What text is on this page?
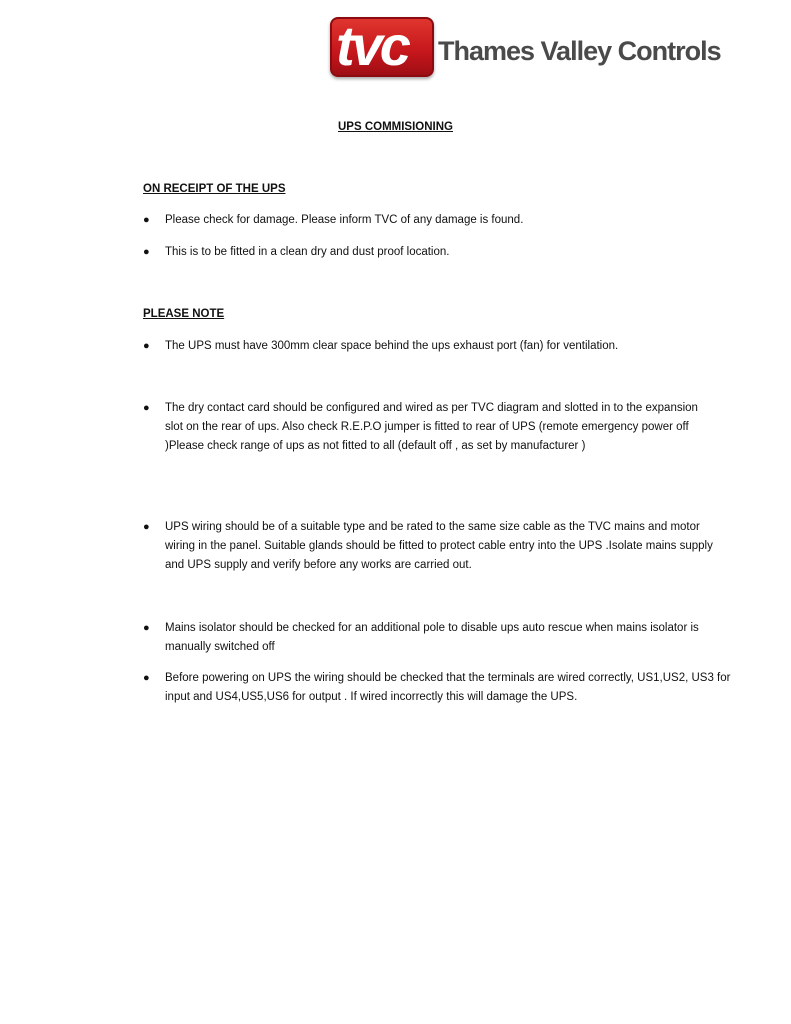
tvc Thames Valley Controls
UPS COMMISIONING
ON RECEIPT OF THE UPS
● Please check for damage. Please inform TVC of any damage is found.
● This is to be fitted in a clean dry and dust proof location.
PLEASE NOTE
● The UPS must have 300mm clear space behind the ups exhaust port (fan) for ventilation.
● The dry contact card should be configured and wired as per TVC diagram and slotted in to the expansion slot on the rear of ups. Also check R.E.P.O jumper is fitted to rear of UPS (remote emergency power off )Please check range of ups as not fitted to all (default off , as set by manufacturer )
● UPS wiring should be of a suitable type and be rated to the same size cable as the TVC mains and motor wiring in the panel. Suitable glands should be fitted to protect cable entry into the UPS .Isolate mains supply and UPS supply and verify before any works are carried out.
● Mains isolator should be checked for an additional pole to disable ups auto rescue when mains isolator is manually switched off
● Before powering on UPS the wiring should be checked that the terminals are wired correctly, US1,US2, US3 for input and US4,US5,US6 for output . If wired incorrectly this will damage the UPS.
